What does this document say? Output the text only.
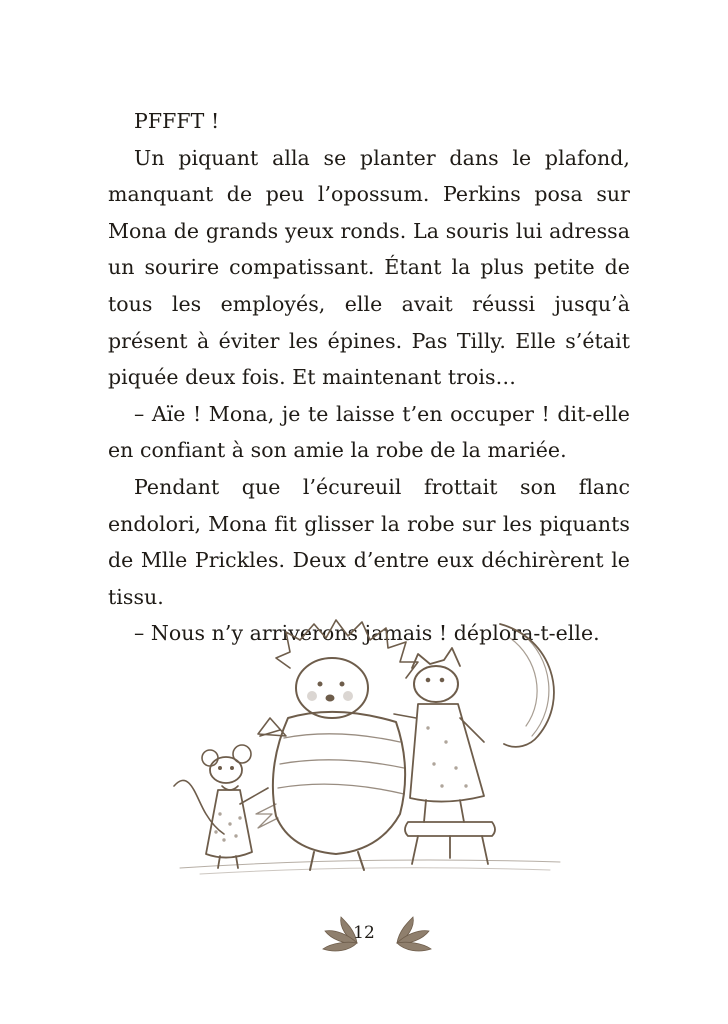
PFFFT !

Un piquant alla se planter dans le plafond, manquant de peu l’opossum. Perkins posa sur Mona de grands yeux ronds. La souris lui adressa un sourire compatissant. Étant la plus petite de tous les employés, elle avait réussi jusqu’à présent à éviter les épines. Pas Tilly. Elle s’était piquée deux fois. Et maintenant trois…

– Aïe ! Mona, je te laisse t’en occuper ! dit-elle en confiant à son amie la robe de la mariée.

Pendant que l’écureuil frottait son flanc endolori, Mona fit glisser la robe sur les piquants de Mlle Prickles. Deux d’entre eux déchirèrent le tissu.

– Nous n’y arriverons jamais ! déplora-t-elle.

12
